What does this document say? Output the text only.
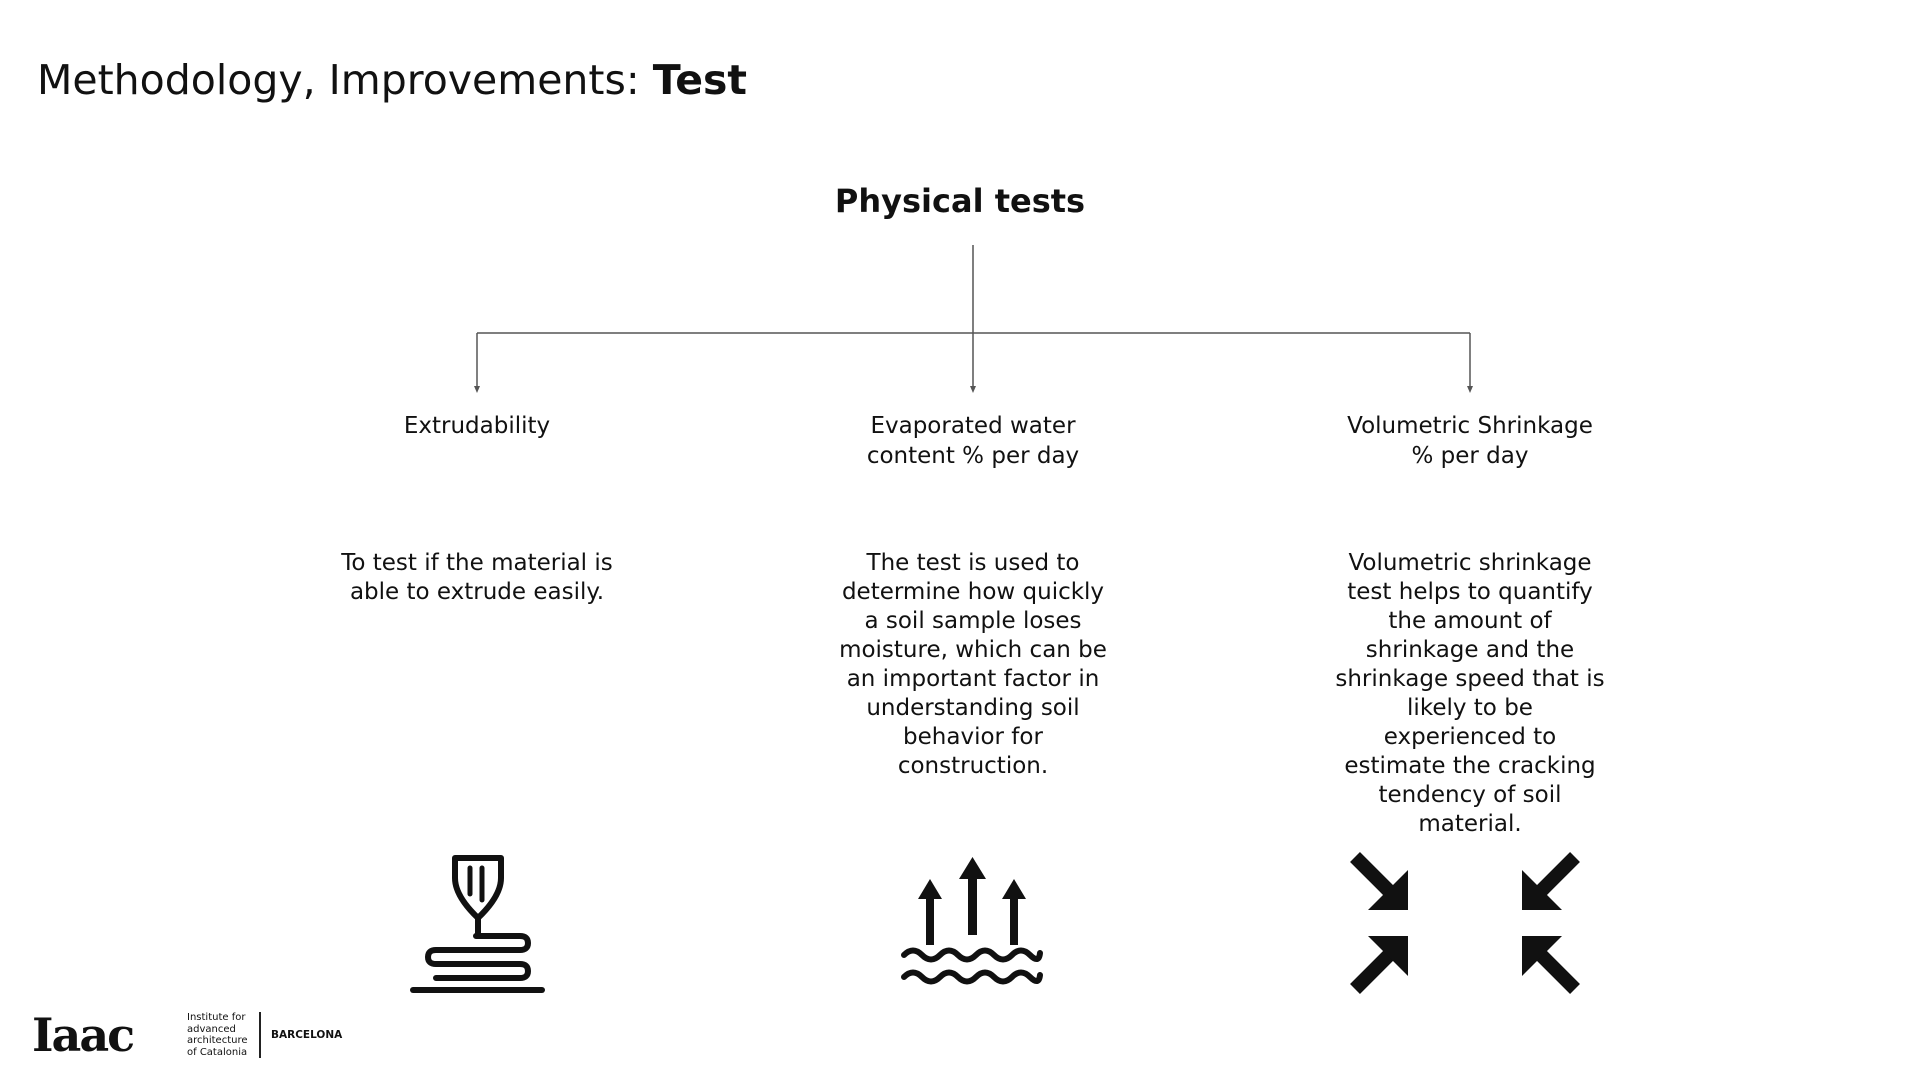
Methodology, Improvements: Test
Physical tests
Extrudability
To test if the material is
able to extrude easily.
Evaporated water
content % per day
The test is used to
determine how quickly
a soil sample loses
moisture, which can be
an important factor in
understanding soil
behavior for
construction.
Volumetric Shrinkage
% per day
Volumetric shrinkage
test helps to quantify
the amount of
shrinkage and the
shrinkage speed that is
likely to be
experienced to
estimate the cracking
tendency of soil
material.
Iaac	Institute for
advanced
architecture
of Catalonia
BARCELONA
